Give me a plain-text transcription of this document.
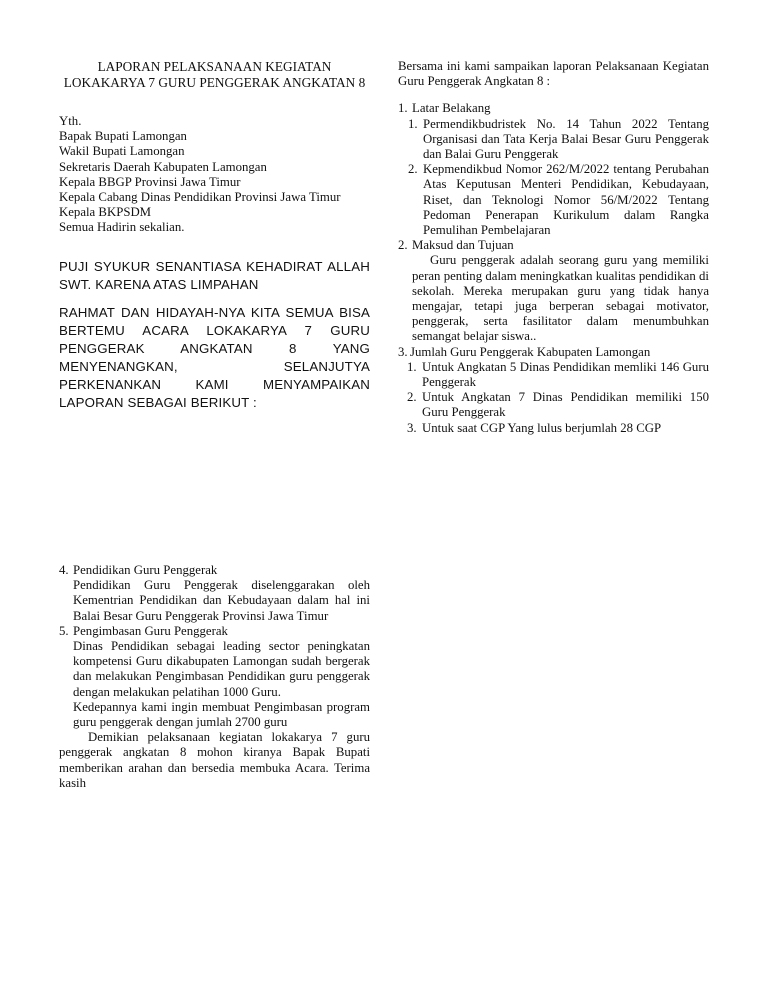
LAPORAN PELAKSANAAN KEGIATAN
LOKAKARYA 7 GURU PENGGERAK ANGKATAN 8
Yth.
Bapak Bupati Lamongan
Wakil Bupati Lamongan
Sekretaris Daerah Kabupaten Lamongan
Kepala BBGP Provinsi Jawa Timur
Kepala Cabang Dinas Pendidikan Provinsi Jawa Timur
Kepala BKPSDM
Semua Hadirin sekalian.
PUJI SYUKUR SENANTIASA KEHADIRAT ALLAH SWT. KARENA ATAS LIMPAHAN
RAHMAT DAN HIDAYAH-NYA KITA SEMUA BISA BERTEMU ACARA LOKAKARYA 7 GURU PENGGERAK ANGKATAN 8 YANG MENYENANGKAN, SELANJUTYA PERKENANKAN KAMI MENYAMPAIKAN LAPORAN SEBAGAI BERIKUT :
Bersama ini kami sampaikan laporan Pelaksanaan Kegiatan Guru Penggerak Angkatan 8 :
1. Latar Belakang
1. Permendikbudristek No. 14 Tahun 2022 Tentang Organisasi dan Tata Kerja Balai Besar Guru Penggerak dan Balai Guru Penggerak
2. Kepmendikbud Nomor 262/M/2022 tentang Perubahan Atas Keputusan Menteri Pendidikan, Kebudayaan, Riset, dan Teknologi Nomor 56/M/2022 Tentang Pedoman Penerapan Kurikulum dalam Rangka Pemulihan Pembelajaran
2. Maksud dan Tujuan
Guru penggerak adalah seorang guru yang memiliki peran penting dalam meningkatkan kualitas pendidikan di sekolah. Mereka merupakan guru yang tidak hanya mengajar, tetapi juga berperan sebagai motivator, penggerak, serta fasilitator dalam menumbuhkan semangat belajar siswa..
3. Jumlah Guru Penggerak Kabupaten Lamongan
1. Untuk Angkatan 5 Dinas Pendidikan memliki 146 Guru Penggerak
2. Untuk Angkatan 7 Dinas Pendidikan memiliki 150 Guru Penggerak
3. Untuk saat CGP Yang lulus berjumlah 28 CGP
4. Pendidikan Guru Penggerak
Pendidikan Guru Penggerak diselenggarakan oleh Kementrian Pendidikan dan Kebudayaan dalam hal ini Balai Besar Guru Penggerak Provinsi Jawa Timur
5. Pengimbasan Guru Penggerak
Dinas Pendidikan sebagai leading sector peningkatan kompetensi Guru dikabupaten Lamongan sudah bergerak dan melakukan Pengimbasan Pendidikan guru penggerak dengan melakukan pelatihan 1000 Guru.
Kedepannya kami ingin membuat Pengimbasan program guru penggerak dengan jumlah 2700 guru
Demikian pelaksanaan kegiatan lokakarya 7 guru penggerak angkatan 8 mohon kiranya Bapak Bupati memberikan arahan dan bersedia membuka Acara. Terima kasih
